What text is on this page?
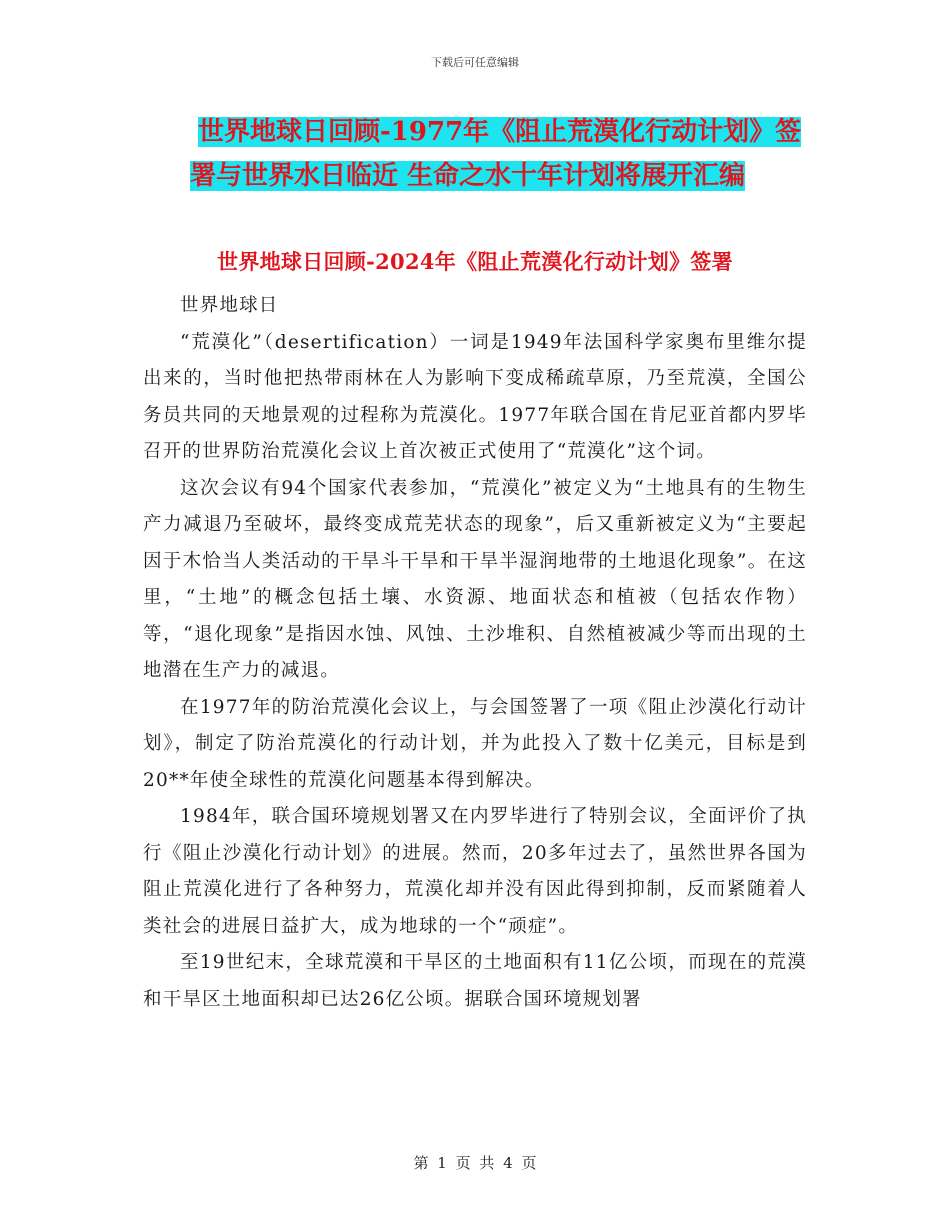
下载后可任意编辑
世界地球日回顾-1977年《阻止荒漠化行动计划》签
署与世界水日临近 生命之水十年计划将展开汇编
世界地球日回顾-2024年《阻止荒漠化行动计划》签署

世界地球日

“荒漠化”（desertification）一词是1949年法国科学家奥布里维尔提出来的，当时他把热带雨林在人为影响下变成稀疏草原，乃至荒漠，全国公务员共同的天地景观的过程称为荒漠化。1977年联合国在肯尼亚首都内罗毕召开的世界防治荒漠化会议上首次被正式使用了“荒漠化”这个词。

这次会议有94个国家代表参加，“荒漠化”被定义为“土地具有的生物生产力减退乃至破坏，最终变成荒芜状态的现象”，后又重新被定义为“主要起因于木恰当人类活动的干旱斗干旱和干旱半湿润地带的土地退化现象”。在这里，“土地”的概念包括土壤、水资源、地面状态和植被（包括农作物）等，“退化现象”是指因水蚀、风蚀、土沙堆积、自然植被减少等而出现的土地潜在生产力的减退。

在1977年的防治荒漠化会议上，与会国签署了一项《阻止沙漠化行动计划》，制定了防治荒漠化的行动计划，并为此投入了数十亿美元，目标是到20**年使全球性的荒漠化问题基本得到解决。

1984年，联合国环境规划署又在内罗毕进行了特别会议，全面评价了执行《阻止沙漠化行动计划》的进展。然而，20多年过去了，虽然世界各国为阻止荒漠化进行了各种努力，荒漠化却并没有因此得到抑制，反而紧随着人类社会的进展日益扩大，成为地球的一个“顽症”。

至19世纪末，全球荒漠和干旱区的土地面积有11亿公顷，而现在的荒漠和干旱区土地面积却已达26亿公顷。据联合国环境规划署

第 1 页 共 4 页
